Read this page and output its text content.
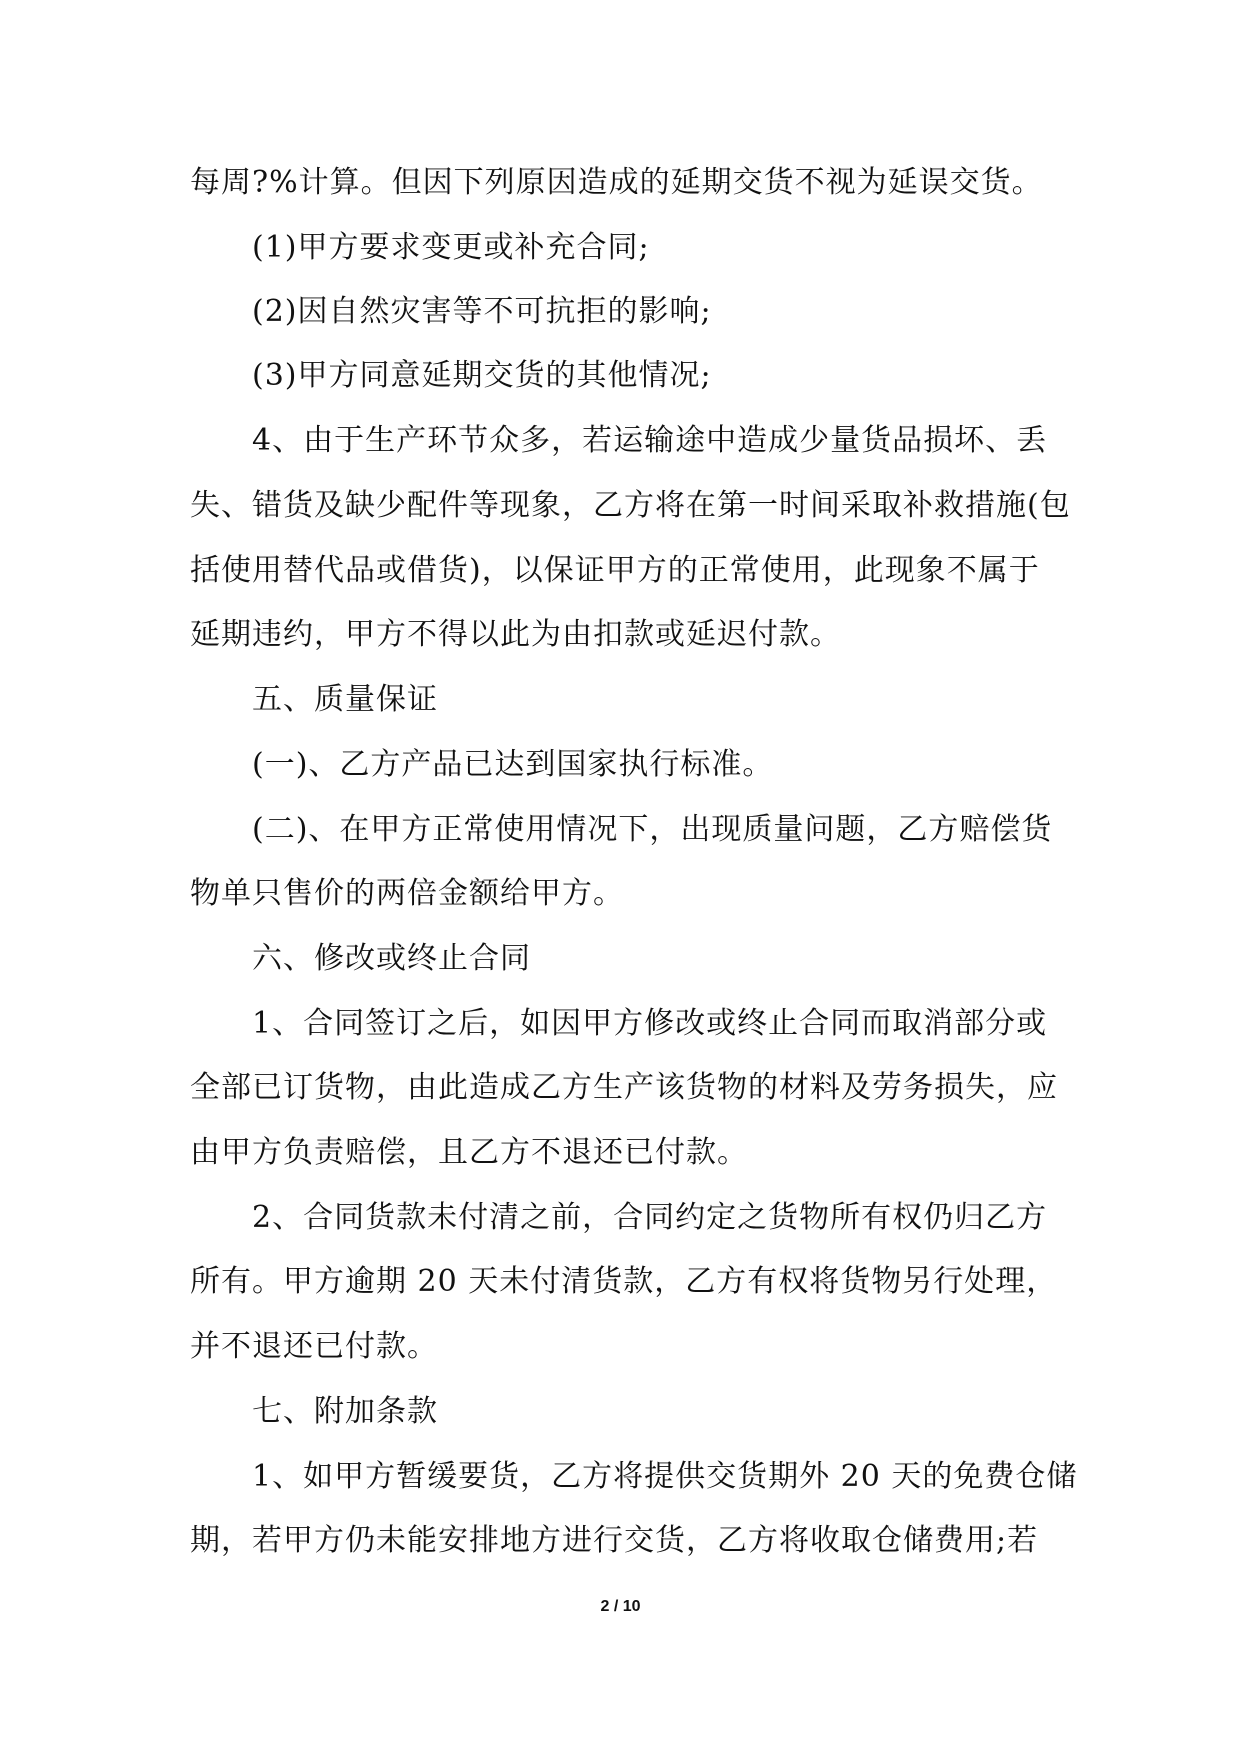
每周?%计算。但因下列原因造成的延期交货不视为延误交货。
(1)甲方要求变更或补充合同;
(2)因自然灾害等不可抗拒的影响;
(3)甲方同意延期交货的其他情况;
4、由于生产环节众多，若运输途中造成少量货品损坏、丢
失、错货及缺少配件等现象，乙方将在第一时间采取补救措施(包
括使用替代品或借货)，以保证甲方的正常使用，此现象不属于
延期违约，甲方不得以此为由扣款或延迟付款。
五、质量保证
(一)、乙方产品已达到国家执行标准。
(二)、在甲方正常使用情况下，出现质量问题，乙方赔偿货
物单只售价的两倍金额给甲方。
六、修改或终止合同
1、合同签订之后，如因甲方修改或终止合同而取消部分或
全部已订货物，由此造成乙方生产该货物的材料及劳务损失，应
由甲方负责赔偿，且乙方不退还已付款。
2、合同货款未付清之前，合同约定之货物所有权仍归乙方
所有。甲方逾期 20 天未付清货款，乙方有权将货物另行处理，
并不退还已付款。
七、附加条款
1、如甲方暂缓要货，乙方将提供交货期外 20 天的免费仓储
期，若甲方仍未能安排地方进行交货，乙方将收取仓储费用;若
2 / 10
